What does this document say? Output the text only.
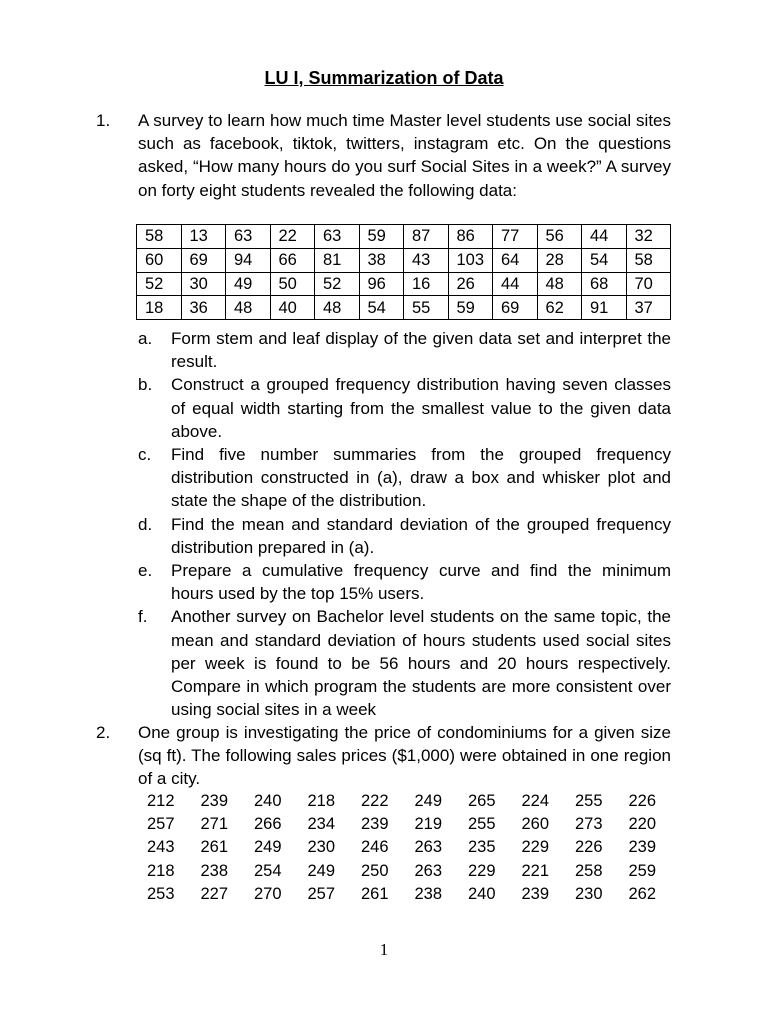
LU I, Summarization of Data
1. A survey to learn how much time Master level students use social sites such as facebook, tiktok, twitters, instagram etc. On the questions asked, “How many hours do you surf Social Sites in a week?” A survey on forty eight students revealed the following data:
58	13	63	22	63	59	87	86	77	56	44	32
60	69	94	66	81	38	43	103	64	28	54	58
52	30	49	50	52	96	16	26	44	48	68	70
18	36	48	40	48	54	55	59	69	62	91	37
a.	Form stem and leaf display of the given data set and interpret the result.
b.	Construct a grouped frequency distribution having seven classes of equal width starting from the smallest value to the given data above.
c.	Find five number summaries from the grouped frequency distribution constructed in (a), draw a box and whisker plot and state the shape of the distribution.
d.	Find the mean and standard deviation of the grouped frequency distribution prepared in (a).
e.	Prepare a cumulative frequency curve and find the minimum hours used by the top 15% users.
f.	Another survey on Bachelor level students on the same topic, the mean and standard deviation of hours students used social sites per week is found to be 56 hours and 20 hours respectively. Compare in which program the students are more consistent over using social sites in a week
2. One group is investigating the price of condominiums for a given size (sq ft). The following sales prices ($1,000) were obtained in one region of a city.
212	239	240	218	222	249	265	224	255	226
257	271	266	234	239	219	255	260	273	220
243	261	249	230	246	263	235	229	226	239
218	238	254	249	250	263	229	221	258	259
253	227	270	257	261	238	240	239	230	262
1
